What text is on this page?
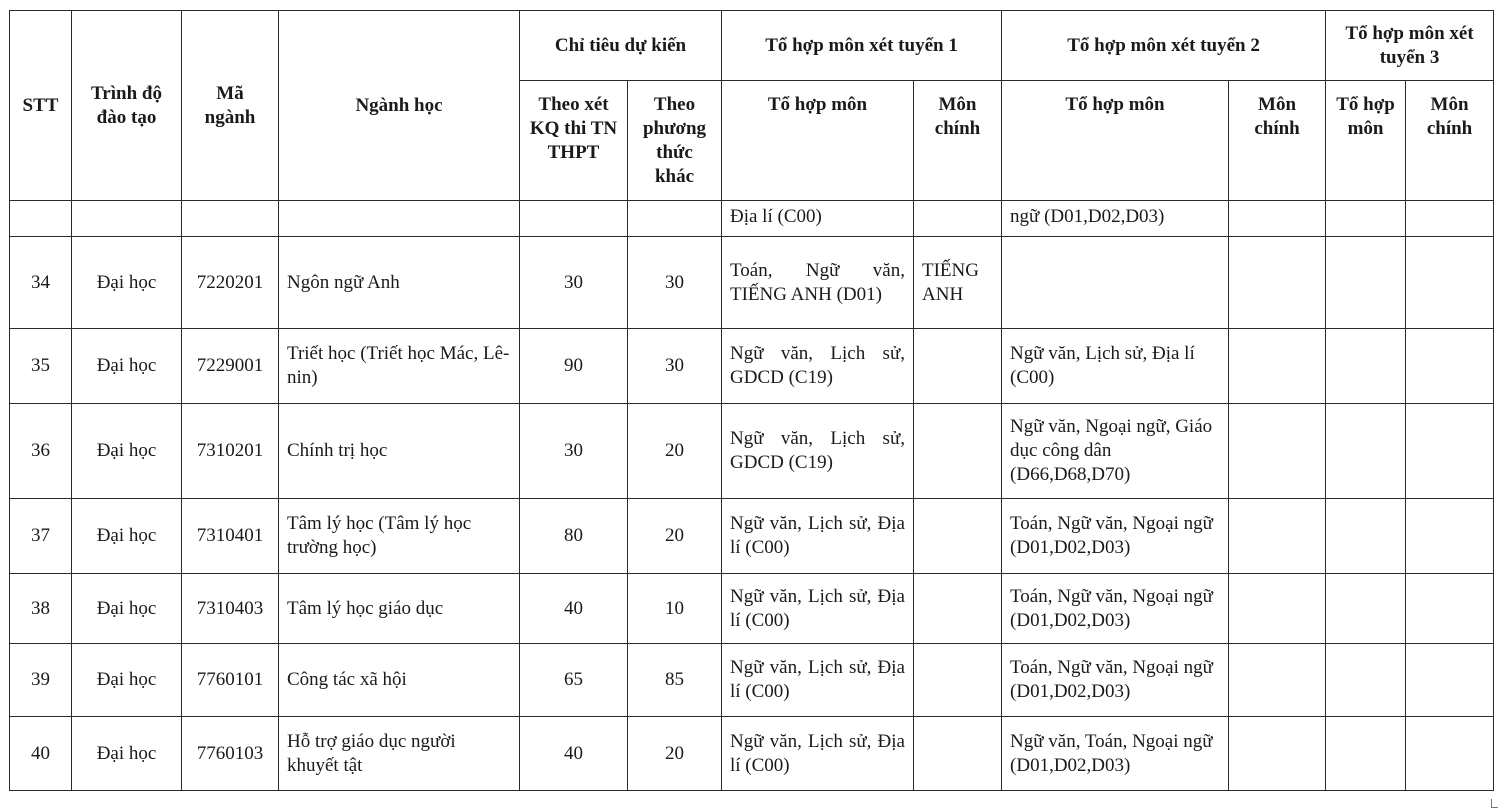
STT	Trình độ đào tạo	Mã ngành	Ngành học	Chỉ tiêu dự kiến		Tổ hợp môn xét tuyển 1		Tổ hợp môn xét tuyển 2		Tổ hợp môn xét tuyển 3	
				Theo xét KQ thi TN THPT	Theo phương thức khác	Tổ hợp môn	Môn chính	Tổ hợp môn	Môn chính	Tổ hợp môn	Môn chính
						Địa lí (C00)		ngữ (D01,D02,D03)			
34	Đại học	7220201	Ngôn ngữ Anh	30	30	Toán, Ngữ văn, TIẾNG ANH (D01)	TIẾNG ANH				
35	Đại học	7229001	Triết học (Triết học Mác, Lê-nin)	90	30	Ngữ văn, Lịch sử, GDCD (C19)		Ngữ văn, Lịch sử, Địa lí (C00)			
36	Đại học	7310201	Chính trị học	30	20	Ngữ văn, Lịch sử, GDCD (C19)		Ngữ văn, Ngoại ngữ, Giáo dục công dân (D66,D68,D70)			
37	Đại học	7310401	Tâm lý học (Tâm lý học trường học)	80	20	Ngữ văn, Lịch sử, Địa lí (C00)		Toán, Ngữ văn, Ngoại ngữ (D01,D02,D03)			
38	Đại học	7310403	Tâm lý học giáo dục	40	10	Ngữ văn, Lịch sử, Địa lí (C00)		Toán, Ngữ văn, Ngoại ngữ (D01,D02,D03)			
39	Đại học	7760101	Công tác xã hội	65	85	Ngữ văn, Lịch sử, Địa lí (C00)		Toán, Ngữ văn, Ngoại ngữ (D01,D02,D03)			
40	Đại học	7760103	Hỗ trợ giáo dục người khuyết tật	40	20	Ngữ văn, Lịch sử, Địa lí (C00)		Ngữ văn, Toán, Ngoại ngữ (D01,D02,D03)			
